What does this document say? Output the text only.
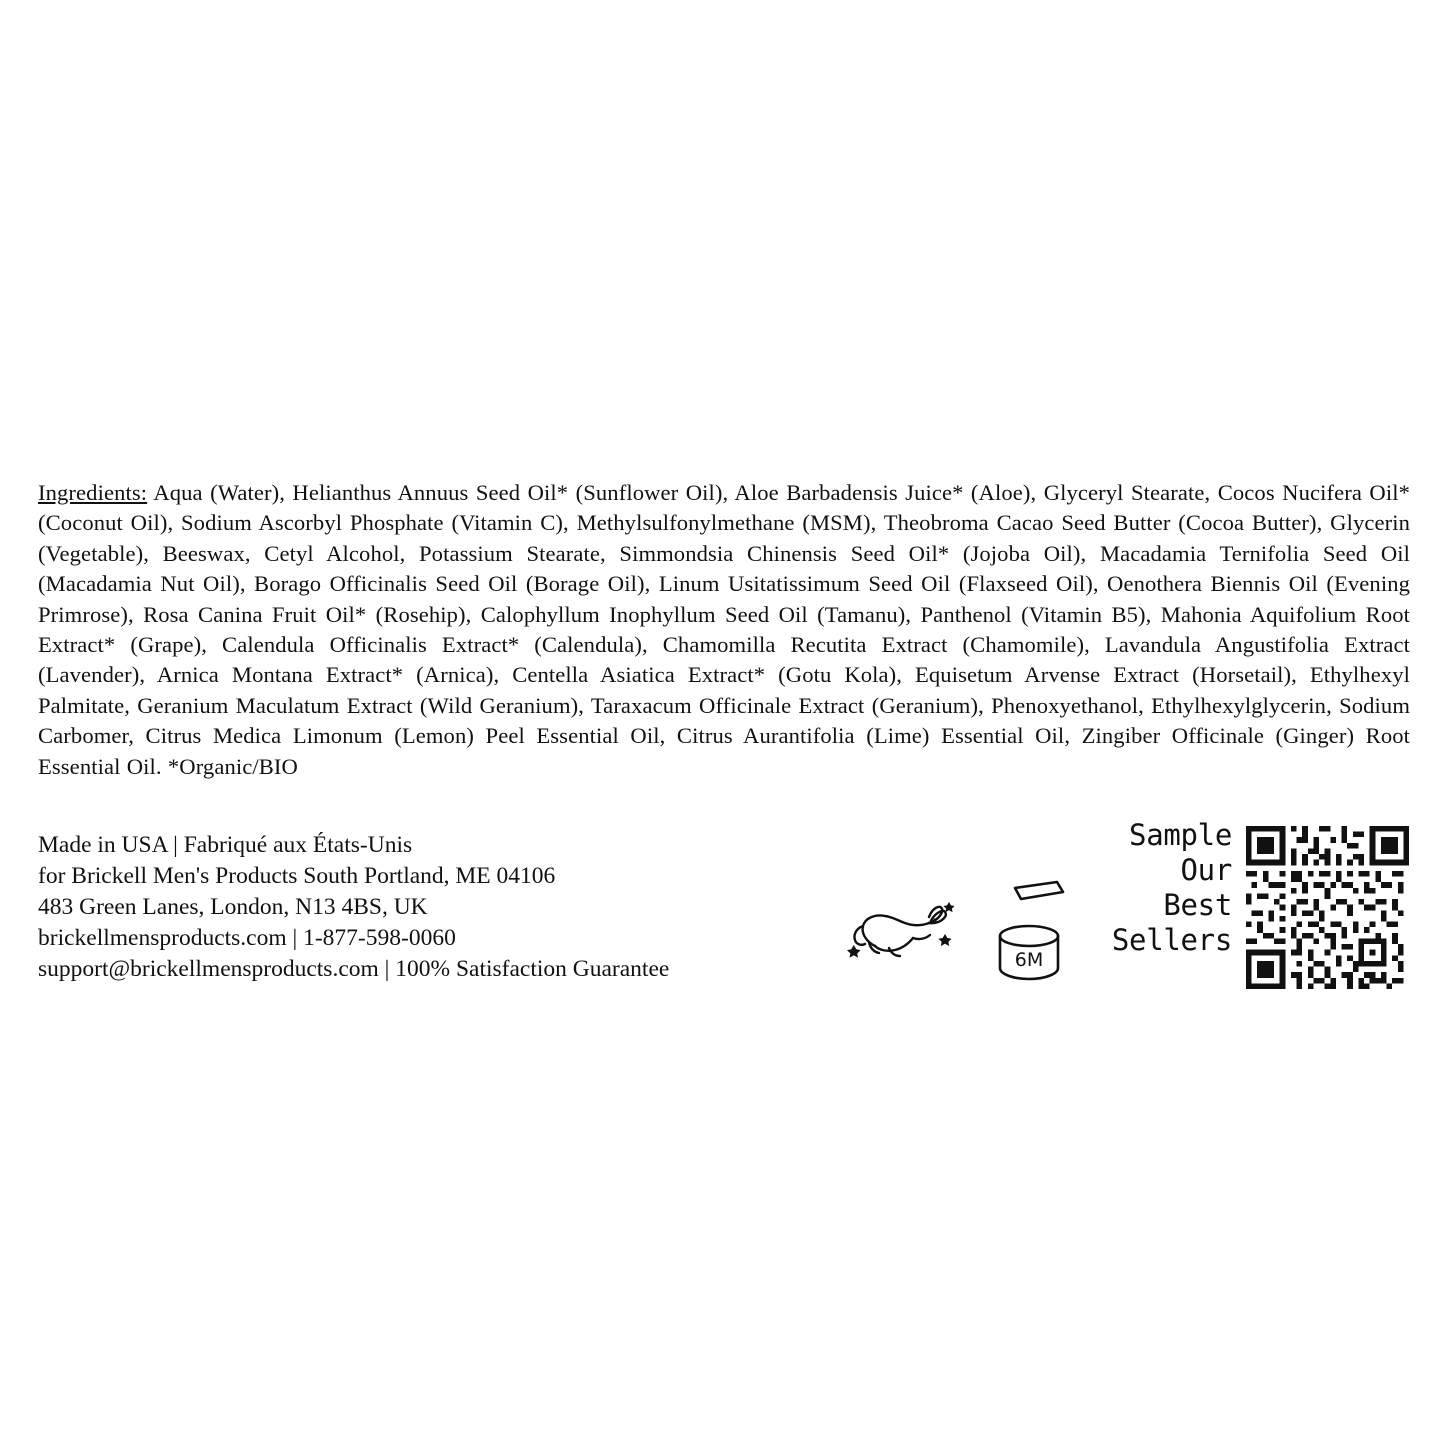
Ingredients: Aqua (Water), Helianthus Annuus Seed Oil* (Sunflower Oil), Aloe Barbadensis Juice* (Aloe), Glyceryl Stearate, Cocos Nucifera Oil* (Coconut Oil), Sodium Ascorbyl Phosphate (Vitamin C), Methylsulfonylmethane (MSM), Theobroma Cacao Seed Butter (Cocoa Butter), Glycerin (Vegetable), Beeswax, Cetyl Alcohol, Potassium Stearate, Simmondsia Chinensis Seed Oil* (Jojoba Oil), Macadamia Ternifolia Seed Oil (Macadamia Nut Oil), Borago Officinalis Seed Oil (Borage Oil), Linum Usitatissimum Seed Oil (Flaxseed Oil), Oenothera Biennis Oil (Evening Primrose), Rosa Canina Fruit Oil* (Rosehip), Calophyllum Inophyllum Seed Oil (Tamanu), Panthenol (Vitamin B5), Mahonia Aquifolium Root Extract* (Grape), Calendula Officinalis Extract* (Calendula), Chamomilla Recutita Extract (Chamomile), Lavandula Angustifolia Extract (Lavender), Arnica Montana Extract* (Arnica), Centella Asiatica Extract* (Gotu Kola), Equisetum Arvense Extract (Horsetail), Ethylhexyl Palmitate, Geranium Maculatum Extract (Wild Geranium), Taraxacum Officinale Extract (Geranium), Phenoxyethanol, Ethylhexylglycerin, Sodium Carbomer, Citrus Medica Limonum (Lemon) Peel Essential Oil, Citrus Aurantifolia (Lime) Essential Oil, Zingiber Officinale (Ginger) Root Essential Oil. *Organic/BIO

Made in USA | Fabriqué aux États-Unis
for Brickell Men's Products South Portland, ME 04106
483 Green Lanes, London, N13 4BS, UK
brickellmensproducts.com | 1-877-598-0060
support@brickellmensproducts.com | 100% Satisfaction Guarantee	6M
Sample
Our
Best
Sellers
